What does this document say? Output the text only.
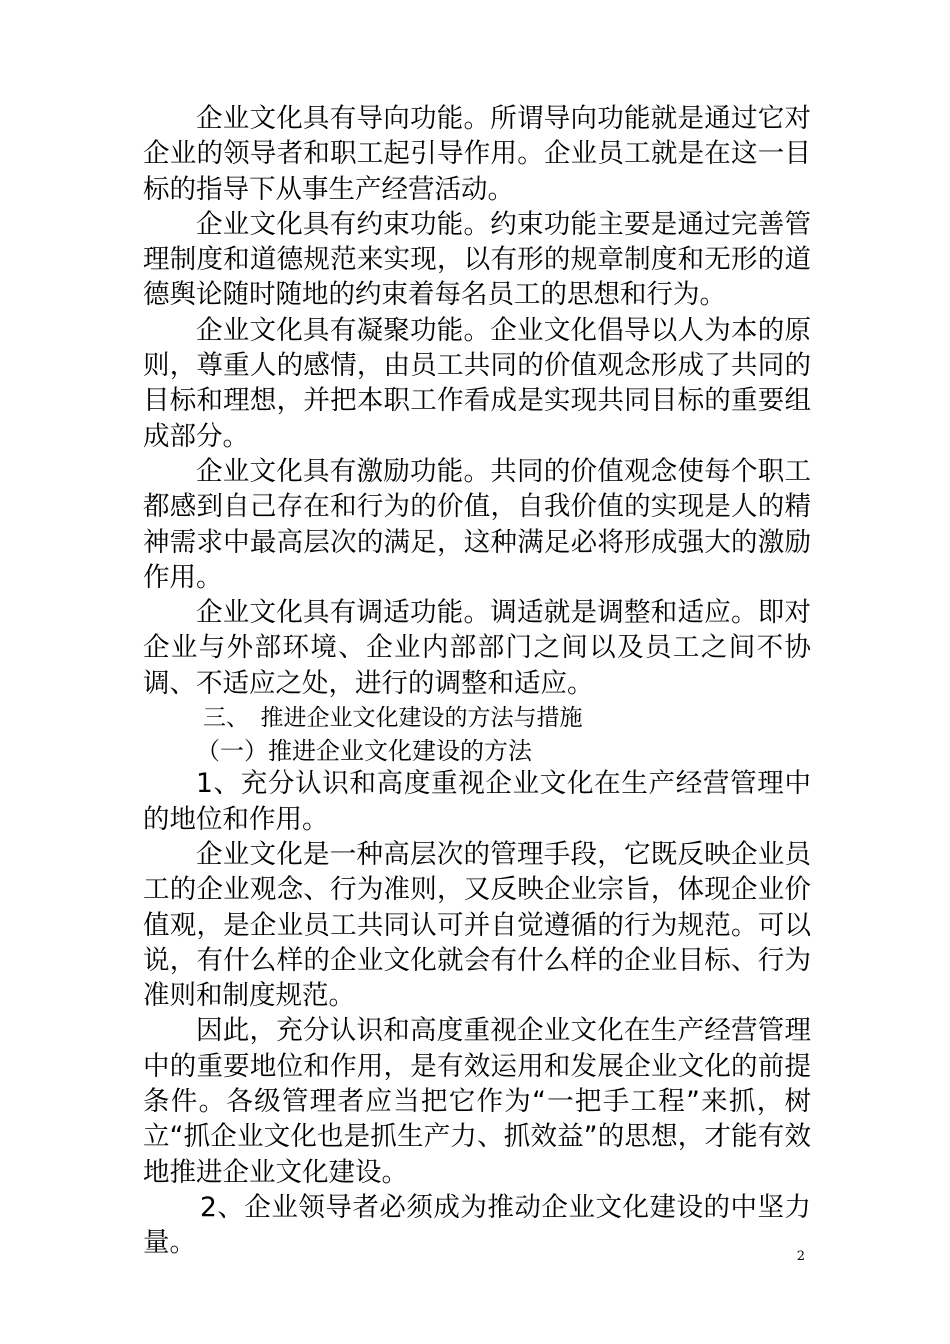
企业文化具有导向功能。所谓导向功能就是通过它对企业的领导者和职工起引导作用。企业员工就是在这一目标的指导下从事生产经营活动。

企业文化具有约束功能。约束功能主要是通过完善管理制度和道德规范来实现，以有形的规章制度和无形的道德舆论随时随地的约束着每名员工的思想和行为。

企业文化具有凝聚功能。企业文化倡导以人为本的原则，尊重人的感情，由员工共同的价值观念形成了共同的目标和理想，并把本职工作看成是实现共同目标的重要组成部分。

企业文化具有激励功能。共同的价值观念使每个职工都感到自己存在和行为的价值，自我价值的实现是人的精神需求中最高层次的满足，这种满足必将形成强大的激励作用。

企业文化具有调适功能。调适就是调整和适应。即对企业与外部环境、企业内部部门之间以及员工之间不协调、不适应之处，进行的调整和适应。

三、　推进企业文化建设的方法与措施

（一）推进企业文化建设的方法

1、充分认识和高度重视企业文化在生产经营管理中的地位和作用。

企业文化是一种高层次的管理手段，它既反映企业员工的企业观念、行为准则，又反映企业宗旨，体现企业价值观，是企业员工共同认可并自觉遵循的行为规范。可以说，有什么样的企业文化就会有什么样的企业目标、行为准则和制度规范。

因此，充分认识和高度重视企业文化在生产经营管理中的重要地位和作用，是有效运用和发展企业文化的前提条件。各级管理者应当把它作为“一把手工程”来抓，树立“抓企业文化也是抓生产力、抓效益”的思想，才能有效地推进企业文化建设。

2、企业领导者必须成为推动企业文化建设的中坚力量。	2
